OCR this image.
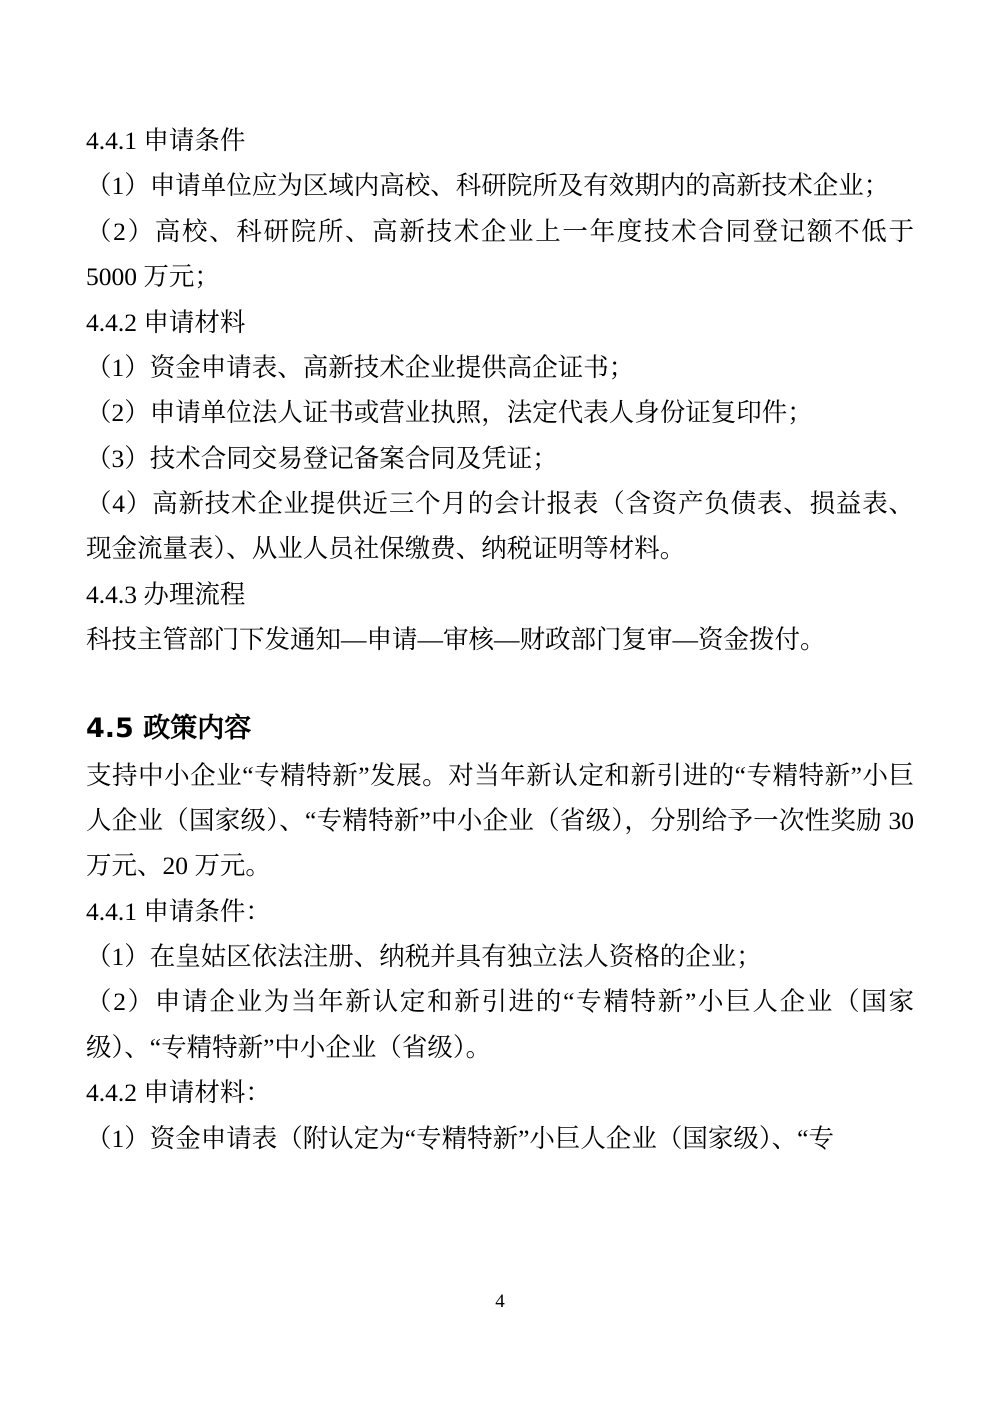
4.4.1 申请条件

（1）申请单位应为区域内高校、科研院所及有效期内的高新技术企业；

（2）高校、科研院所、高新技术企业上一年度技术合同登记额不低于 5000 万元；

4.4.2 申请材料

（1）资金申请表、高新技术企业提供高企证书；

（2）申请单位法人证书或营业执照，法定代表人身份证复印件；

（3）技术合同交易登记备案合同及凭证；

（4）高新技术企业提供近三个月的会计报表（含资产负债表、损益表、现金流量表）、从业人员社保缴费、纳税证明等材料。

4.4.3 办理流程

科技主管部门下发通知—申请—审核—财政部门复审—资金拨付。

4.5 政策内容

支持中小企业“专精特新”发展。对当年新认定和新引进的“专精特新”小巨人企业（国家级）、“专精特新”中小企业（省级），分别给予一次性奖励 30 万元、20 万元。

4.4.1 申请条件：

（1）在皇姑区依法注册、纳税并具有独立法人资格的企业；

（2）申请企业为当年新认定和新引进的“专精特新”小巨人企业（国家级）、“专精特新”中小企业（省级）。

4.4.2 申请材料：

（1）资金申请表（附认定为“专精特新”小巨人企业（国家级）、“专

4
